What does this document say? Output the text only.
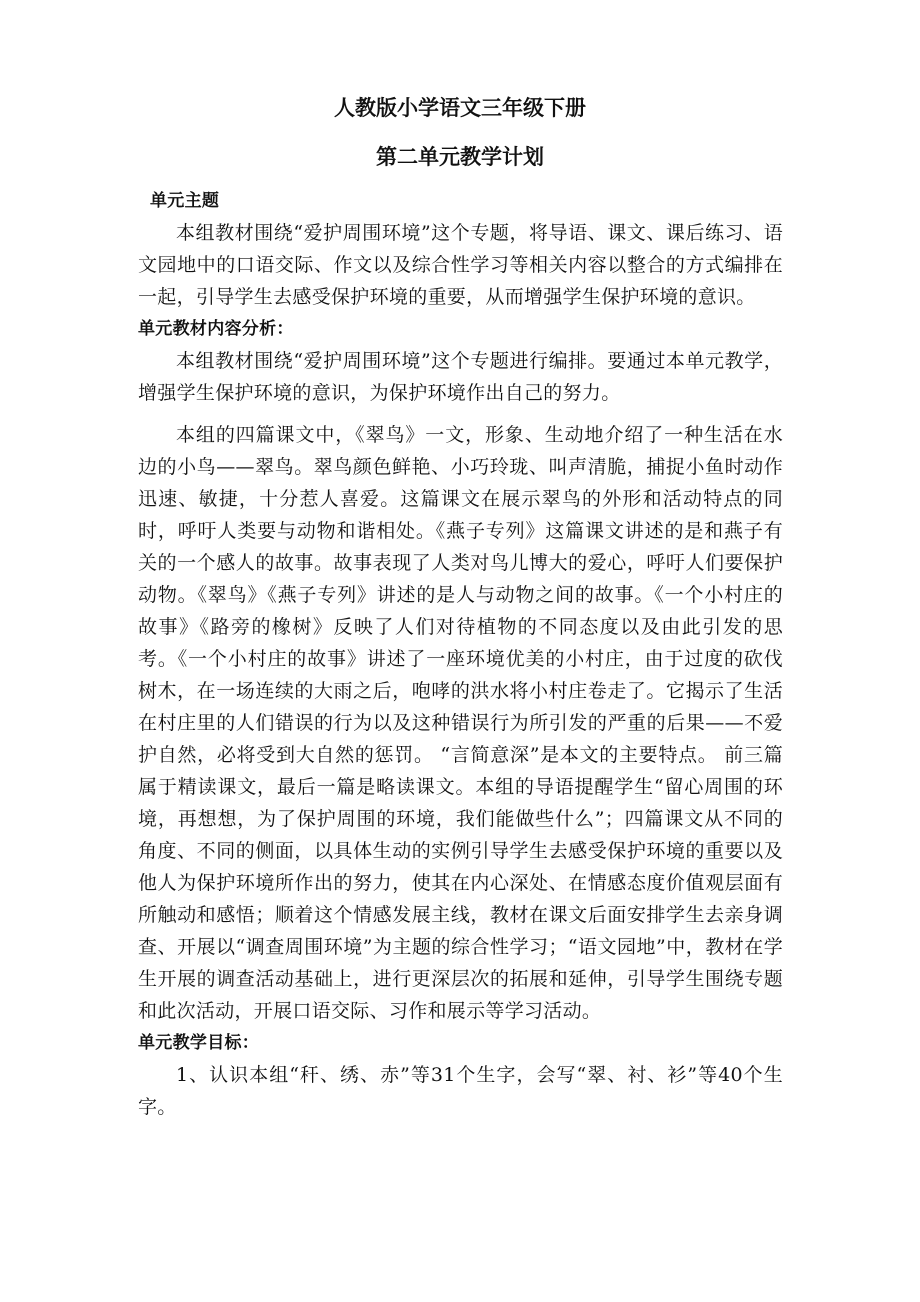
人教版小学语文三年级下册
第二单元教学计划
单元主题

本组教材围绕“爱护周围环境”这个专题，将导语、课文、课后练习、语文园地中的口语交际、作文以及综合性学习等相关内容以整合的方式编排在一起，引导学生去感受保护环境的重要，从而增强学生保护环境的意识。

单元教材内容分析：

本组教材围绕“爱护周围环境”这个专题进行编排。要通过本单元教学，增强学生保护环境的意识，为保护环境作出自己的努力。

本组的四篇课文中，《翠鸟》一文，形象、生动地介绍了一种生活在水边的小鸟——翠鸟。翠鸟颜色鲜艳、小巧玲珑、叫声清脆，捕捉小鱼时动作迅速、敏捷，十分惹人喜爱。这篇课文在展示翠鸟的外形和活动特点的同时，呼吁人类要与动物和谐相处。《燕子专列》这篇课文讲述的是和燕子有关的一个感人的故事。故事表现了人类对鸟儿博大的爱心，呼吁人们要保护动物。《翠鸟》《燕子专列》讲述的是人与动物之间的故事。《一个小村庄的故事》《路旁的橡树》反映了人们对待植物的不同态度以及由此引发的思考。《一个小村庄的故事》讲述了一座环境优美的小村庄，由于过度的砍伐树木，在一场连续的大雨之后，咆哮的洪水将小村庄卷走了。它揭示了生活在村庄里的人们错误的行为以及这种错误行为所引发的严重的后果——不爱护自然，必将受到大自然的惩罚。 “言简意深”是本文的主要特点。 前三篇属于精读课文，最后一篇是略读课文。本组的导语提醒学生“留心周围的环境，再想想，为了保护周围的环境，我们能做些什么”；四篇课文从不同的角度、不同的侧面，以具体生动的实例引导学生去感受保护环境的重要以及他人为保护环境所作出的努力，使其在内心深处、在情感态度价值观层面有所触动和感悟；顺着这个情感发展主线，教材在课文后面安排学生去亲身调查、开展以“调查周围环境”为主题的综合性学习；“语文园地”中，教材在学生开展的调查活动基础上，进行更深层次的拓展和延伸，引导学生围绕专题和此次活动，开展口语交际、习作和展示等学习活动。

单元教学目标：

1、认识本组“秆、绣、赤”等31个生字，会写“翠、衬、衫”等40个生字。
